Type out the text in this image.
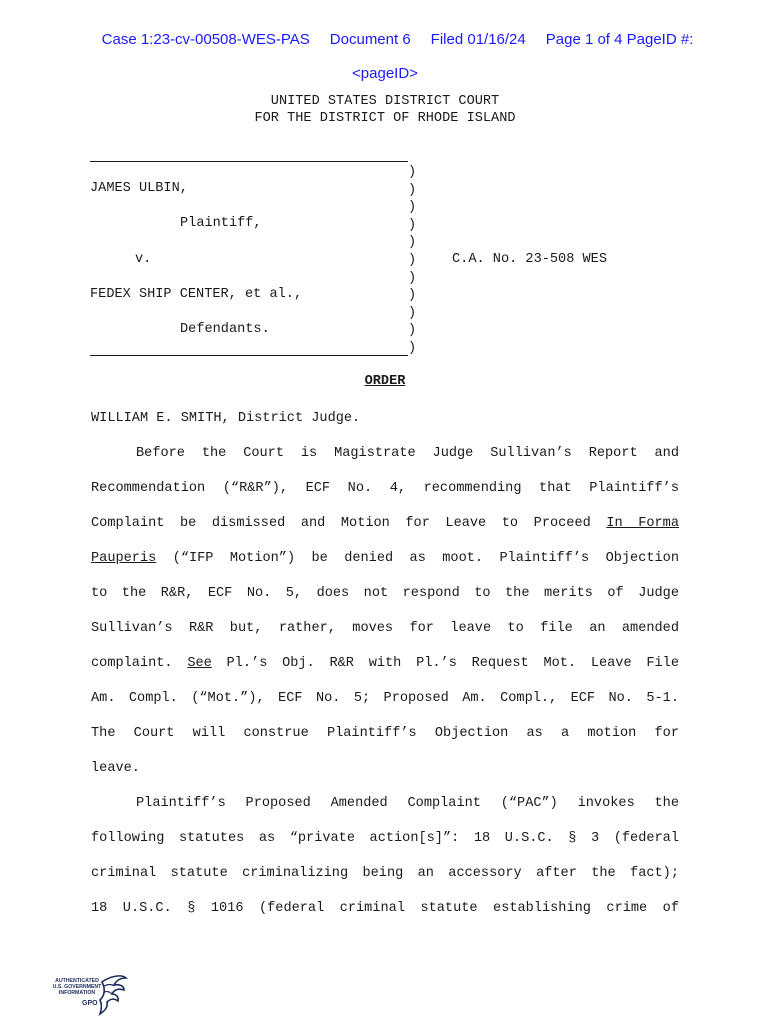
Case 1:23-cv-00508-WES-PAS Document 6 Filed 01/16/24 Page 1 of 4 PageID #:

<pageID>
UNITED STATES DISTRICT COURT
FOR THE DISTRICT OF RHODE ISLAND
)
)
)
)
)
)
)
)
)
)
)
JAMES ULBIN,
Plaintiff,
v.
FEDEX SHIP CENTER, et al.,
Defendants.
C.A. No. 23-508 WES
ORDER
WILLIAM E. SMITH, District Judge.
Before the Court is Magistrate Judge Sullivan’s Report and
Recommendation (“R&R”), ECF No. 4, recommending that Plaintiff’s
Complaint be dismissed and Motion for Leave to Proceed In Forma
Pauperis (“IFP Motion”) be denied as moot. Plaintiff’s Objection
to the R&R, ECF No. 5, does not respond to the merits of Judge
Sullivan’s R&R but, rather, moves for leave to file an amended
complaint. See Pl.’s Obj. R&R with Pl.’s Request Mot. Leave File
Am. Compl. (“Mot.”), ECF No. 5; Proposed Am. Compl., ECF No. 5-1.
The Court will construe Plaintiff’s Objection as a motion for
leave.
Plaintiff’s Proposed Amended Complaint (“PAC”) invokes the
following statutes as “private action[s]”: 18 U.S.C. § 3 (federal
criminal statute criminalizing being an accessory after the fact);
18 U.S.C. § 1016 (federal criminal statute establishing crime of
AUTHENTICATED
U.S. GOVERNMENT
INFORMATION
GPO
